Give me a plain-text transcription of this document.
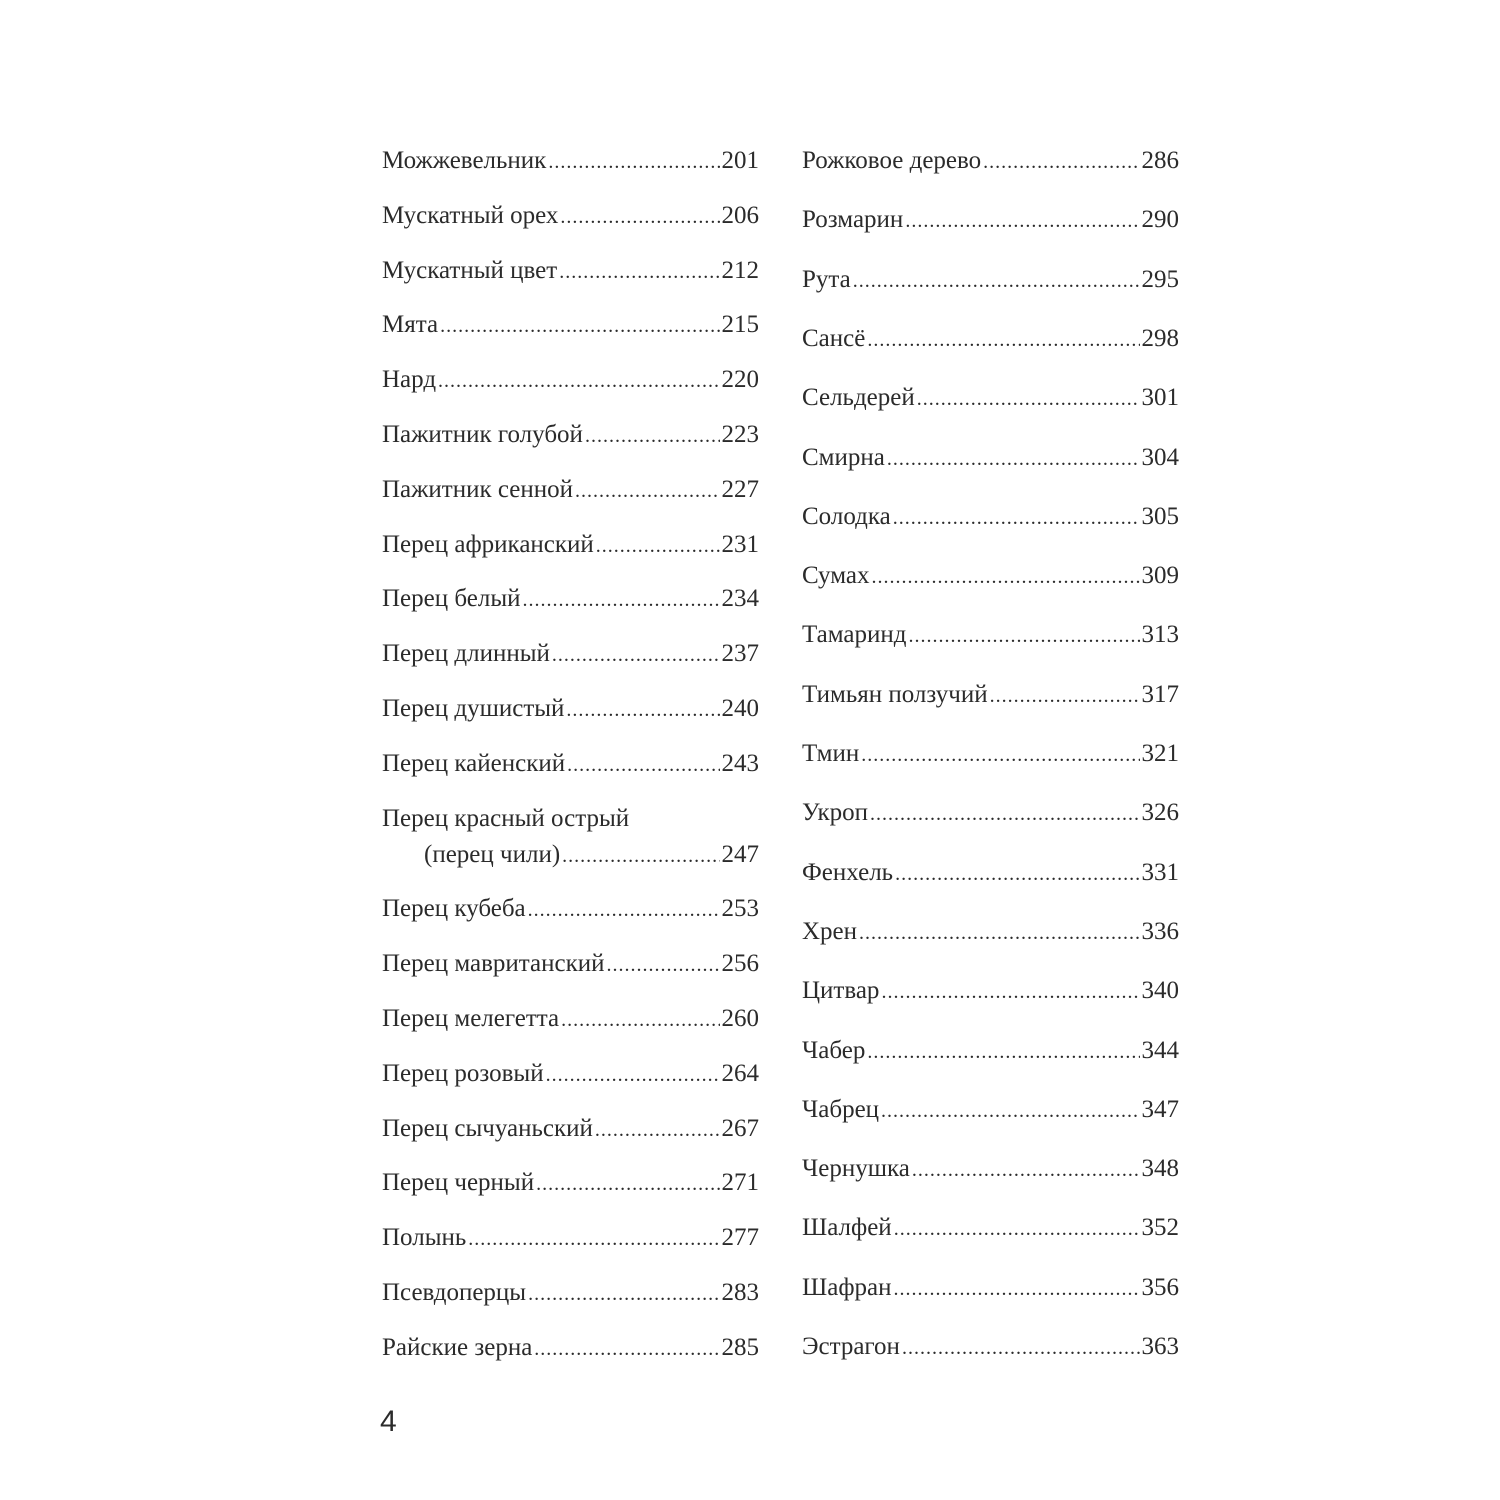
Можжевельник .....	201
Мускатный орех .....	206
Мускатный цвет .....	212
Мята .....	215
Нард .....	220
Пажитник голубой .....	223
Пажитник сенной .....	227
Перец африканский .....	231
Перец белый .....	234
Перец длинный .....	237
Перец душистый .....	240
Перец кайенский .....	243
Перец красный острый
(перец чили) .....	247
Перец кубеба .....	253
Перец мавританский .....	256
Перец мелегетта .....	260
Перец розовый .....	264
Перец сычуаньский .....	267
Перец черный .....	271
Полынь .....	277
Псевдоперцы .....	283
Райские зерна .....	285
Рожковое дерево .....	286
Розмарин .....	290
Рута .....	295
Сансё .....	298
Сельдерей .....	301
Смирна .....	304
Солодка .....	305
Сумах .....	309
Тамаринд .....	313
Тимьян ползучий .....	317
Тмин .....	321
Укроп .....	326
Фенхель .....	331
Хрен .....	336
Цитвар .....	340
Чабер .....	344
Чабрец .....	347
Чернушка .....	348
Шалфей .....	352
Шафран .....	356
Эстрагон .....	363
4
